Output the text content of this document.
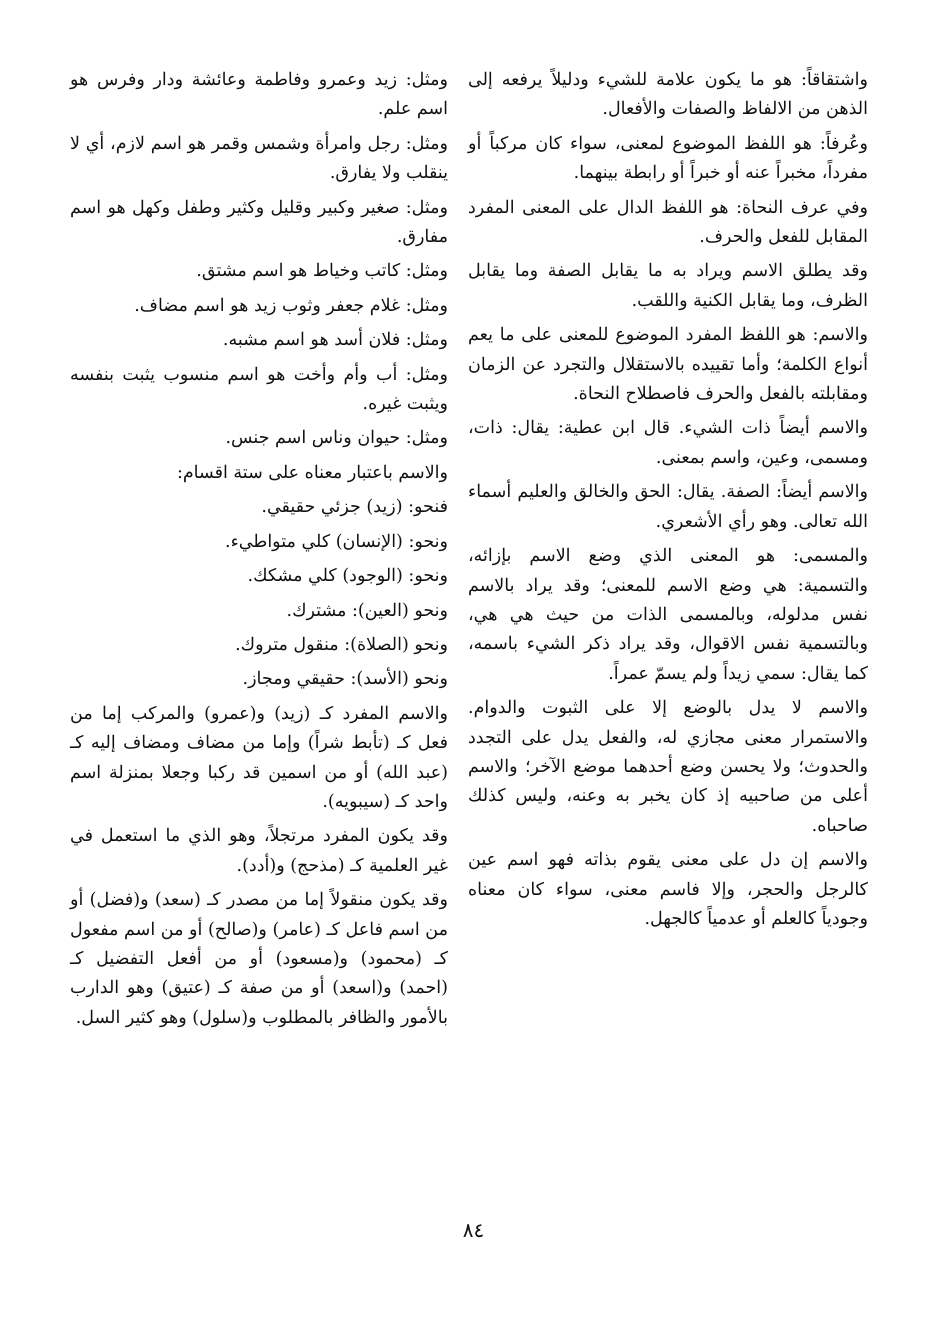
واشتقاقاً: هو ما يكون علامة للشيء ودليلاً يرفعه إلى الذهن من الالفاظ والصفات والأفعال.

وعُرفاً: هو اللفظ الموضوع لمعنى، سواء كان مركباً أو مفرداً، مخبراً عنه أو خبراً أو رابطة بينهما.

وفي عرف النحاة: هو اللفظ الدال على المعنى المفرد المقابل للفعل والحرف.

وقد يطلق الاسم ويراد به ما يقابل الصفة وما يقابل الظرف، وما يقابل الكنية واللقب.

والاسم: هو اللفظ المفرد الموضوع للمعنى على ما يعم أنواع الكلمة؛ وأما تقييده بالاستقلال والتجرد عن الزمان ومقابلته بالفعل والحرف فاصطلاح النحاة.

والاسم أيضاً ذات الشيء. قال ابن عطية: يقال: ذات، ومسمى، وعين، واسم بمعنى.

والاسم أيضاً: الصفة. يقال: الحق والخالق والعليم أسماء الله تعالى. وهو رأي الأشعري.

والمسمى: هو المعنى الذي وضع الاسم بإزائه، والتسمية: هي وضع الاسم للمعنى؛ وقد يراد بالاسم نفس مدلوله، وبالمسمى الذات من حيث هي هي، وبالتسمية نفس الاقوال، وقد يراد ذكر الشيء باسمه، كما يقال: سمي زيداً ولم يسمّ عمراً.

والاسم لا يدل بالوضع إلا على الثبوت والدوام. والاستمرار معنى مجازي له، والفعل يدل على التجدد والحدوث؛ ولا يحسن وضع أحدهما موضع الآخر؛ والاسم أعلى من صاحبيه إذ كان يخبر به وعنه، وليس كذلك صاحباه.

والاسم إن دل على معنى يقوم بذاته فهو اسم عين كالرجل والحجر، وإلا فاسم معنى، سواء كان معناه وجودياً كالعلم أو عدمياً كالجهل.

ومثل: زيد وعمرو وفاطمة وعائشة ودار وفرس هو اسم علم.

ومثل: رجل وامرأة وشمس وقمر هو اسم لازم، أي لا ينقلب ولا يفارق.

ومثل: صغير وكبير وقليل وكثير وطفل وكهل هو اسم مفارق.

ومثل: كاتب وخياط هو اسم مشتق.

ومثل: غلام جعفر وثوب زيد هو اسم مضاف.

ومثل: فلان أسد هو اسم مشبه.

ومثل: أب وأم وأخت هو اسم منسوب يثبت بنفسه ويثبت غيره.

ومثل: حيوان وناس اسم جنس.

والاسم باعتبار معناه على ستة اقسام:

فنحو: (زيد) جزئي حقيقي.

ونحو: (الإنسان) كلي متواطيء.

ونحو: (الوجود) كلي مشكك.

ونحو (العين): مشترك.

ونحو (الصلاة): منقول متروك.

ونحو (الأسد): حقيقي ومجاز.

والاسم المفرد كـ (زيد) و(عمرو) والمركب إما من فعل كـ (تأبط شراً) وإما من مضاف ومضاف إليه كـ (عبد الله) أو من اسمين قد ركبا وجعلا بمنزلة اسم واحد كـ (سيبويه).

وقد يكون المفرد مرتجلاً، وهو الذي ما استعمل في غير العلمية كـ (مذحج) و(أدد).

وقد يكون منقولاً إما من مصدر كـ (سعد) و(فضل) أو من اسم فاعل كـ (عامر) و(صالح) أو من اسم مفعول كـ (محمود) و(مسعود) أو من أفعل التفضيل كـ (احمد) و(اسعد) أو من صفة كـ (عتيق) وهو الدارب بالأمور والظافر بالمطلوب و(سلول) وهو كثير السل.

٨٤
